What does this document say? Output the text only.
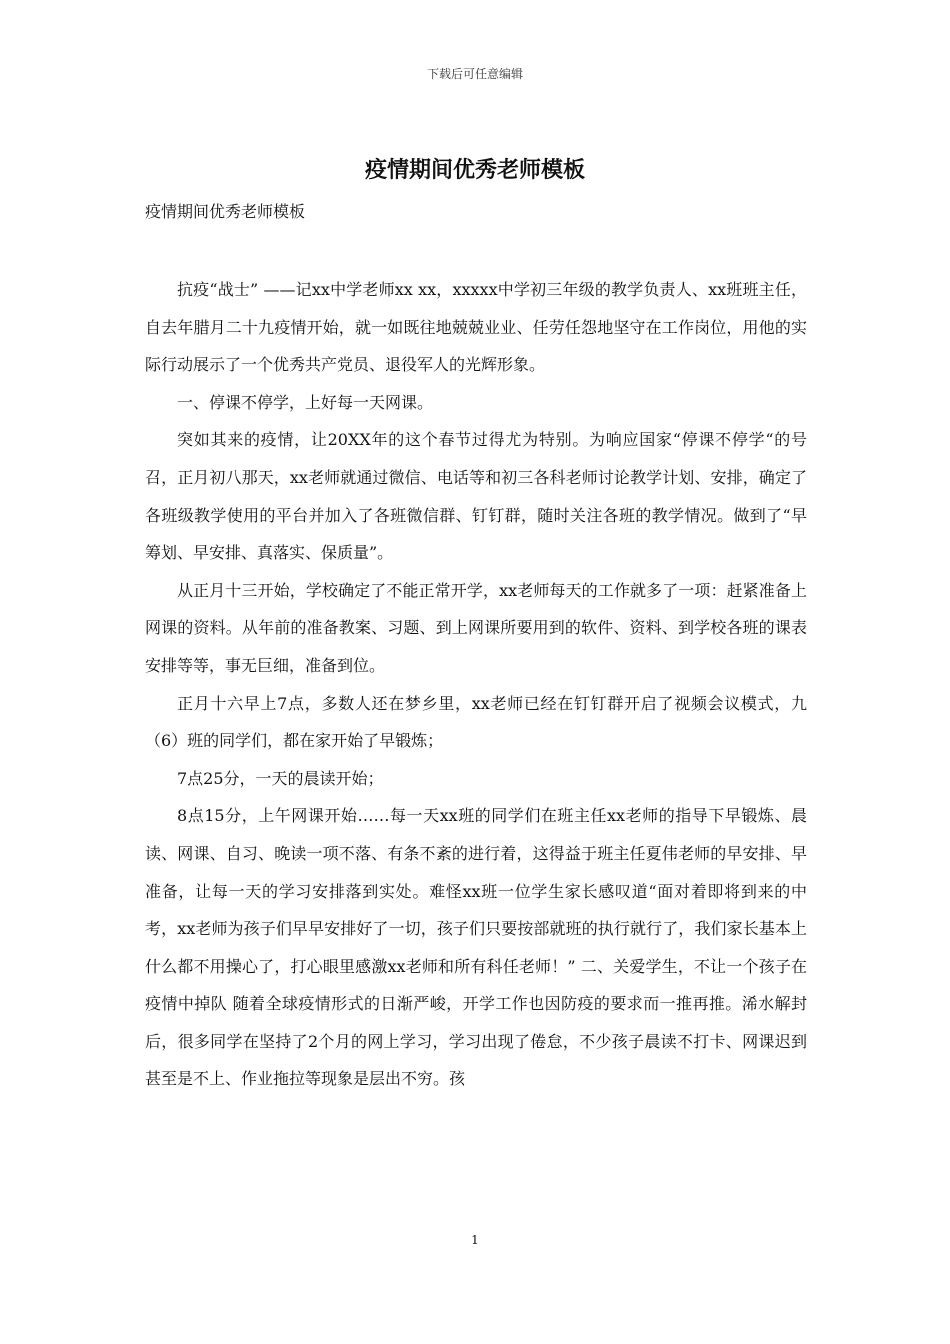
下载后可任意编辑
疫情期间优秀老师模板
疫情期间优秀老师模板

抗疫“战士” ——记xx中学老师xx xx，xxxxx中学初三年级的教学负责人、xx班班主任，自去年腊月二十九疫情开始，就一如既往地兢兢业业、任劳任怨地坚守在工作岗位，用他的实际行动展示了一个优秀共产党员、退役军人的光辉形象。

一、停课不停学，上好每一天网课。

突如其来的疫情，让20XX年的这个春节过得尤为特别。为响应国家“停课不停学“的号召，正月初八那天，xx老师就通过微信、电话等和初三各科老师讨论教学计划、安排，确定了各班级教学使用的平台并加入了各班微信群、钉钉群，随时关注各班的教学情况。做到了“早筹划、早安排、真落实、保质量”。

从正月十三开始，学校确定了不能正常开学，xx老师每天的工作就多了一项：赶紧准备上网课的资料。从年前的准备教案、习题、到上网课所要用到的软件、资料、到学校各班的课表安排等等，事无巨细，准备到位。

正月十六早上7点，多数人还在梦乡里，xx老师已经在钉钉群开启了视频会议模式，九（6）班的同学们，都在家开始了早锻炼；

7点25分，一天的晨读开始；

8点15分，上午网课开始……每一天xx班的同学们在班主任xx老师的指导下早锻炼、晨读、网课、自习、晚读一项不落、有条不紊的进行着，这得益于班主任夏伟老师的早安排、早准备，让每一天的学习安排落到实处。难怪xx班一位学生家长感叹道“面对着即将到来的中考，xx老师为孩子们早早安排好了一切，孩子们只要按部就班的执行就行了，我们家长基本上什么都不用操心了，打心眼里感激xx老师和所有科任老师！” 二、关爱学生，不让一个孩子在疫情中掉队 随着全球疫情形式的日渐严峻，开学工作也因防疫的要求而一推再推。浠水解封后，很多同学在坚持了2个月的网上学习，学习出现了倦怠，不少孩子晨读不打卡、网课迟到甚至是不上、作业拖拉等现象是层出不穷。孩

1
